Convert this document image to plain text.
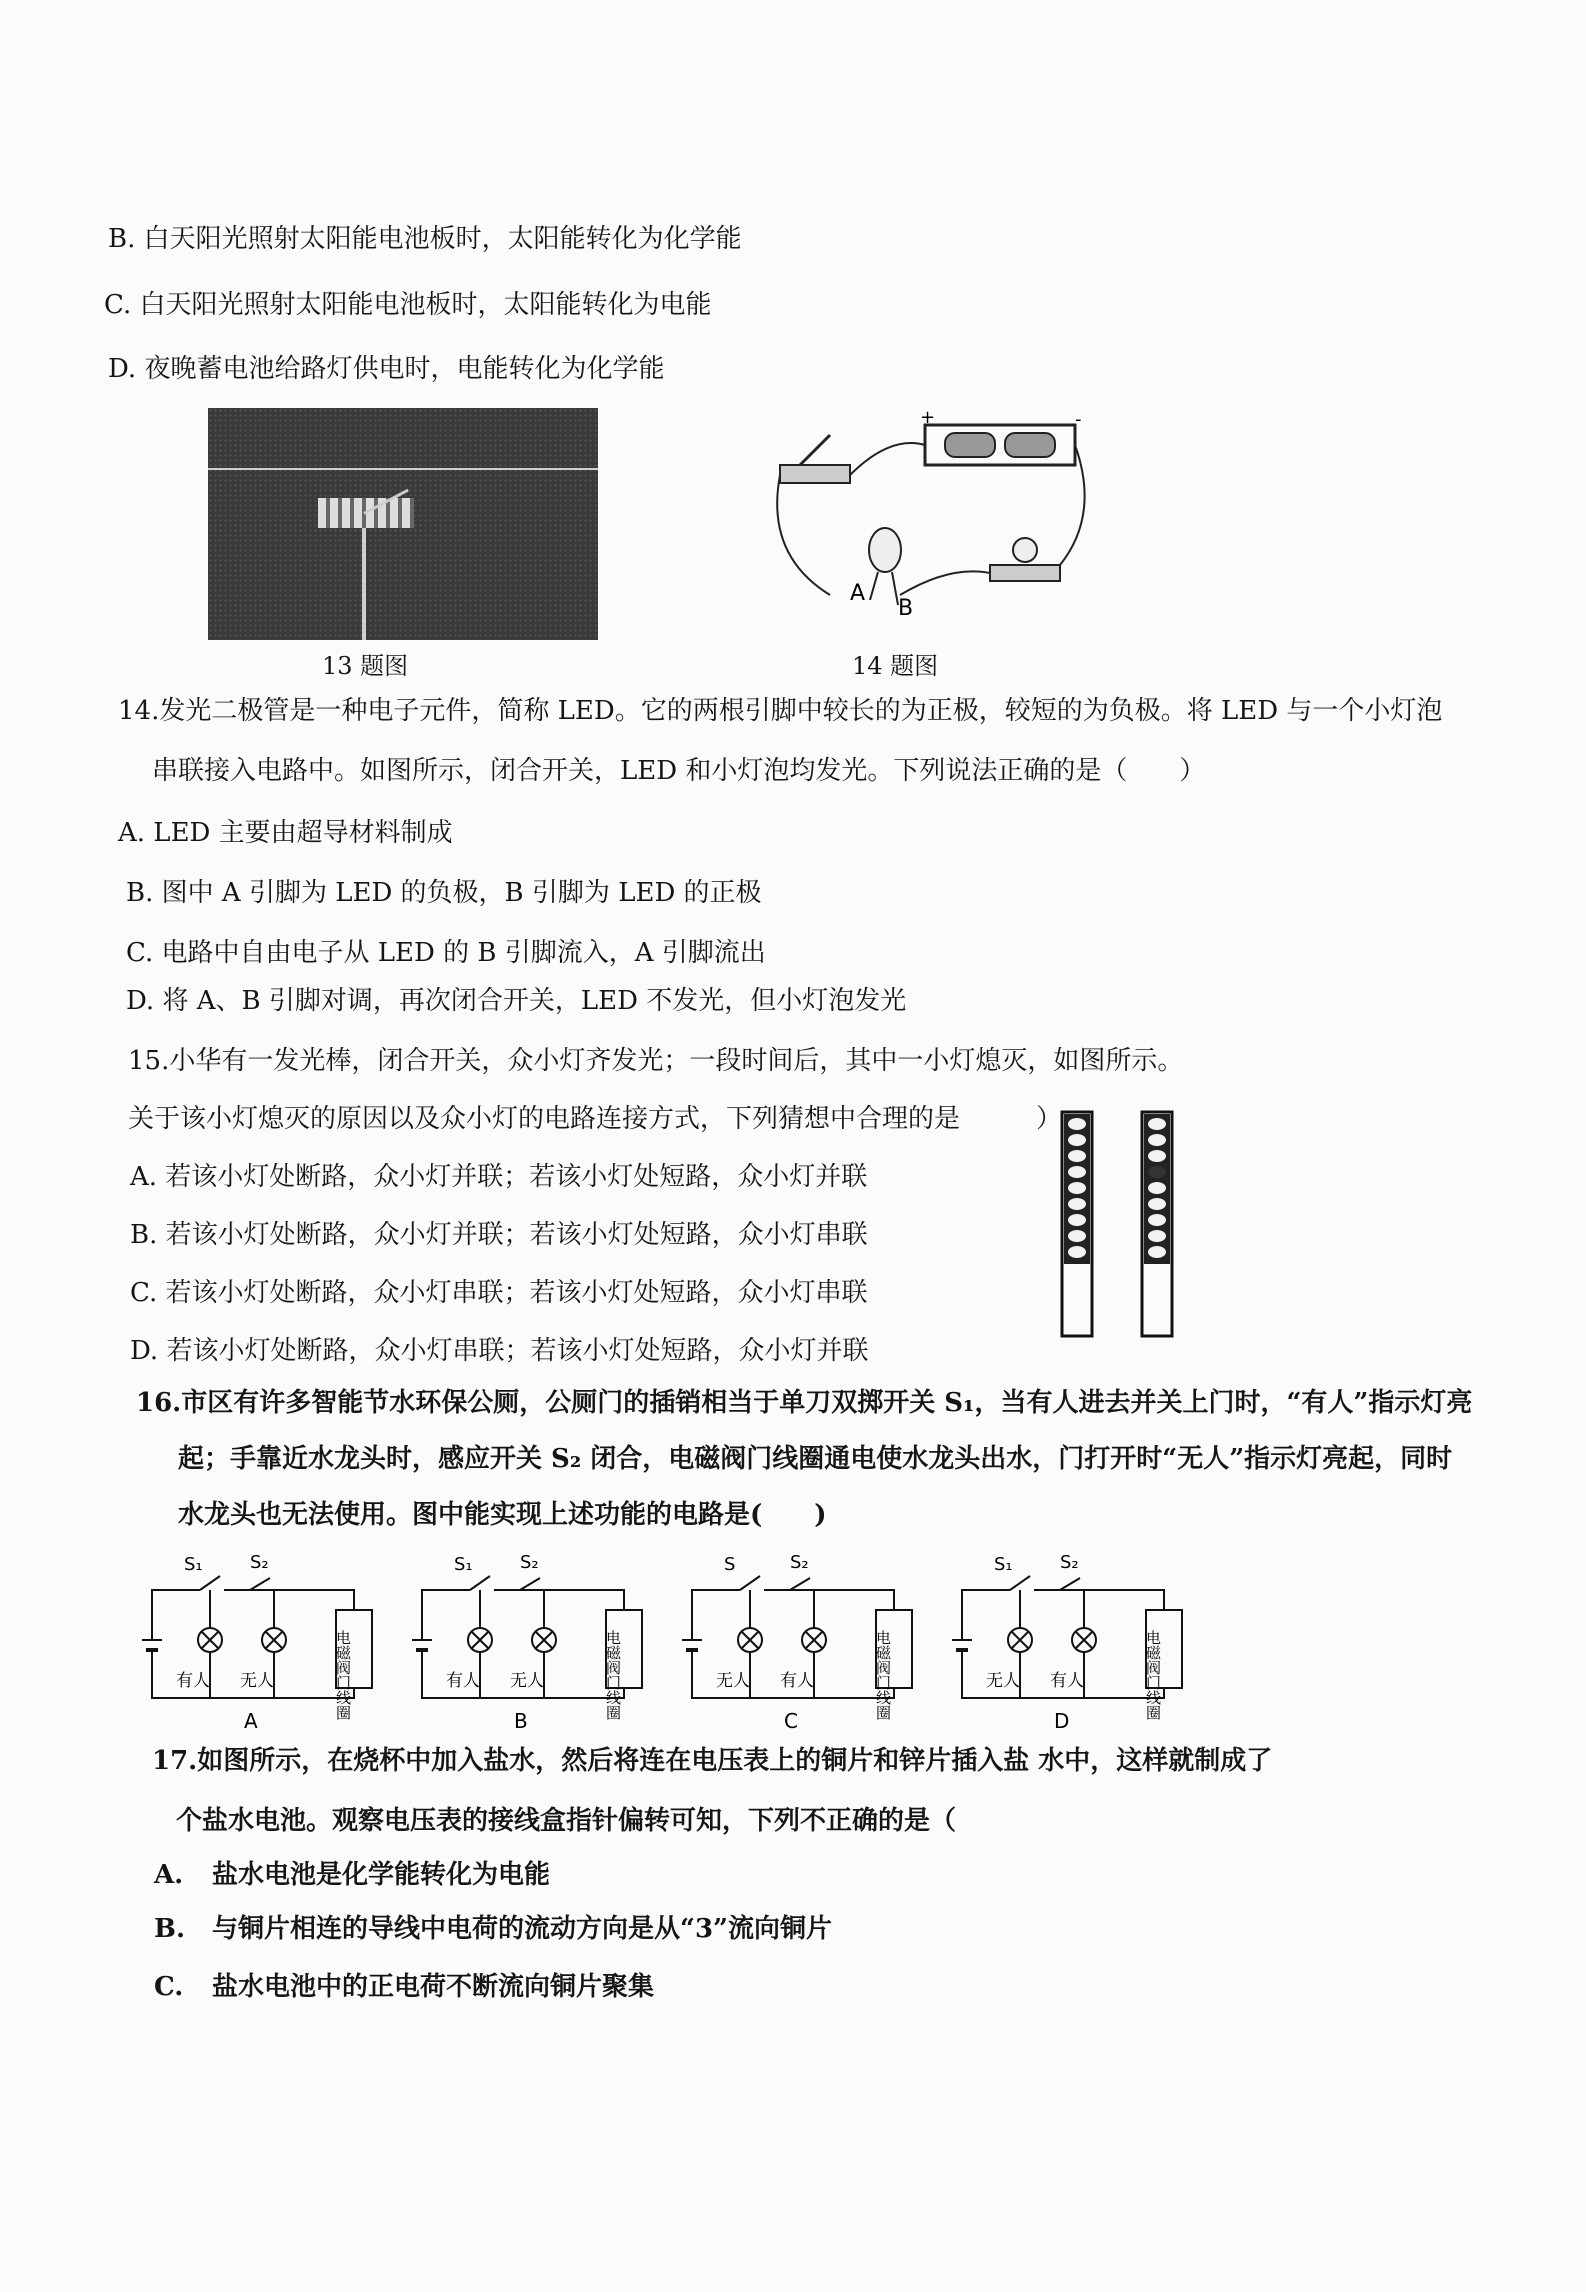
B. 白天阳光照射太阳能电池板时，太阳能转化为化学能
C. 白天阳光照射太阳能电池板时，太阳能转化为电能
D. 夜晚蓄电池给路灯供电时，电能转化为化学能
13 题图
+	-
A
B
14 题图
14.发光二极管是一种电子元件，简称 LED。它的两根引脚中较长的为正极，较短的为负极。将 LED 与一个小灯泡
串联接入电路中。如图所示，闭合开关，LED 和小灯泡均发光。下列说法正确的是（　　）
A. LED 主要由超导材料制成
B. 图中 A 引脚为 LED 的负极，B 引脚为 LED 的正极
C. 电路中自由电子从 LED 的 B 引脚流入，A 引脚流出
D. 将 A、B 引脚对调，再次闭合开关，LED 不发光，但小灯泡发光
15.小华有一发光棒，闭合开关，众小灯齐发光；一段时间后，其中一小灯熄灭，如图所示。
关于该小灯熄灭的原因以及众小灯的电路连接方式，下列猜想中合理的是	）
A. 若该小灯处断路，众小灯并联；若该小灯处短路，众小灯并联
B. 若该小灯处断路，众小灯并联；若该小灯处短路，众小灯串联
C. 若该小灯处断路，众小灯串联；若该小灯处短路，众小灯串联
D. 若该小灯处断路，众小灯串联；若该小灯处短路，众小灯并联
16.市区有许多智能节水环保公厕，公厕门的插销相当于单刀双掷开关 S₁，当有人进去并关上门时，“有人”指示灯亮
起；手靠近水龙头时，感应开关 S₂ 闭合，电磁阀门线圈通电使水龙头出水，门打开时“无人”指示灯亮起，同时
水龙头也无法使用。图中能实现上述功能的电路是(　　)
S₁	S₂
有人 无人	电磁阀门线圈
A
S₁	S₂
有人 无人	电磁阀门线圈
B
S	S₂
无人 有人	电磁阀门线圈
C
S₁	S₂
无人 有人	电磁阀门线圈
D
17.如图所示，在烧杯中加入盐水，然后将连在电压表上的铜片和锌片插入盐 水中，这样就制成了
个盐水电池。观察电压表的接线盒指针偏转可知，下列不正确的是（
A. 盐水电池是化学能转化为电能
B. 与铜片相连的导线中电荷的流动方向是从“3”流向铜片
C. 盐水电池中的正电荷不断流向铜片聚集
